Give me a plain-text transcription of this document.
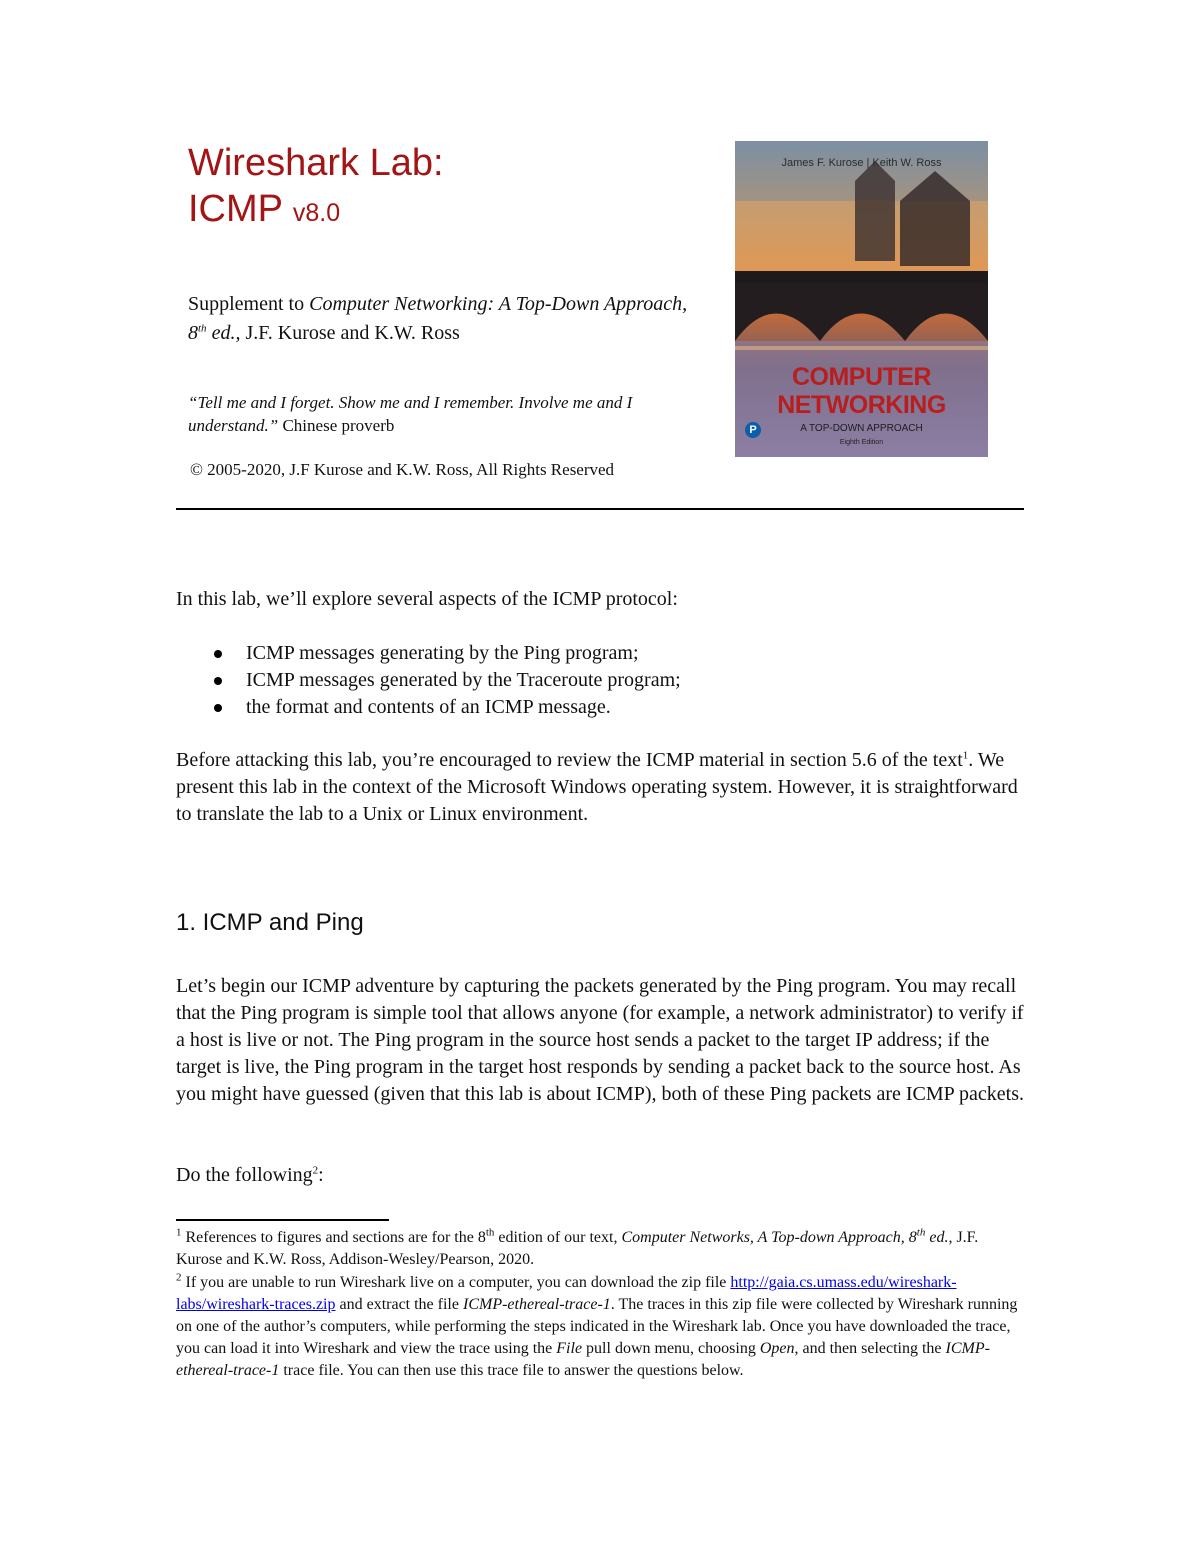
Wireshark Lab:
ICMP v8.0
Supplement to Computer Networking: A Top-Down Approach, 8th ed., J.F. Kurose and K.W. Ross
“Tell me and I forget. Show me and I remember. Involve me and I understand.” Chinese proverb
© 2005-2020, J.F Kurose and K.W. Ross, All Rights Reserved
James F. Kurose | Keith W. Ross
COMPUTER
NETWORKING
A TOP-DOWN APPROACH
Eighth Edition
P
In this lab, we’ll explore several aspects of the ICMP protocol:
ICMP messages generating by the Ping program;
ICMP messages generated by the Traceroute program;
the format and contents of an ICMP message.
Before attacking this lab, you’re encouraged to review the ICMP material in section 5.6 of the text$^1$. We present this lab in the context of the Microsoft Windows operating system. However, it is straightforward to translate the lab to a Unix or Linux environment.
1. ICMP and Ping
Let’s begin our ICMP adventure by capturing the packets generated by the Ping program. You may recall that the Ping program is simple tool that allows anyone (for example, a network administrator) to verify if a host is live or not. The Ping program in the source host sends a packet to the target IP address; if the target is live, the Ping program in the target host responds by sending a packet back to the source host. As you might have guessed (given that this lab is about ICMP), both of these Ping packets are ICMP packets.
Do the following$^2$:
$^1$ References to figures and sections are for the 8th edition of our text, Computer Networks, A Top-down Approach, 8th ed., J.F. Kurose and K.W. Ross, Addison-Wesley/Pearson, 2020.
$^2$ If you are unable to run Wireshark live on a computer, you can download the zip file http://gaia.cs.umass.edu/wireshark-labs/wireshark-traces.zip and extract the file ICMP-ethereal-trace-1. The traces in this zip file were collected by Wireshark running on one of the author’s computers, while performing the steps indicated in the Wireshark lab. Once you have downloaded the trace, you can load it into Wireshark and view the trace using the File pull down menu, choosing Open, and then selecting the ICMP-ethereal-trace-1 trace file. You can then use this trace file to answer the questions below.
